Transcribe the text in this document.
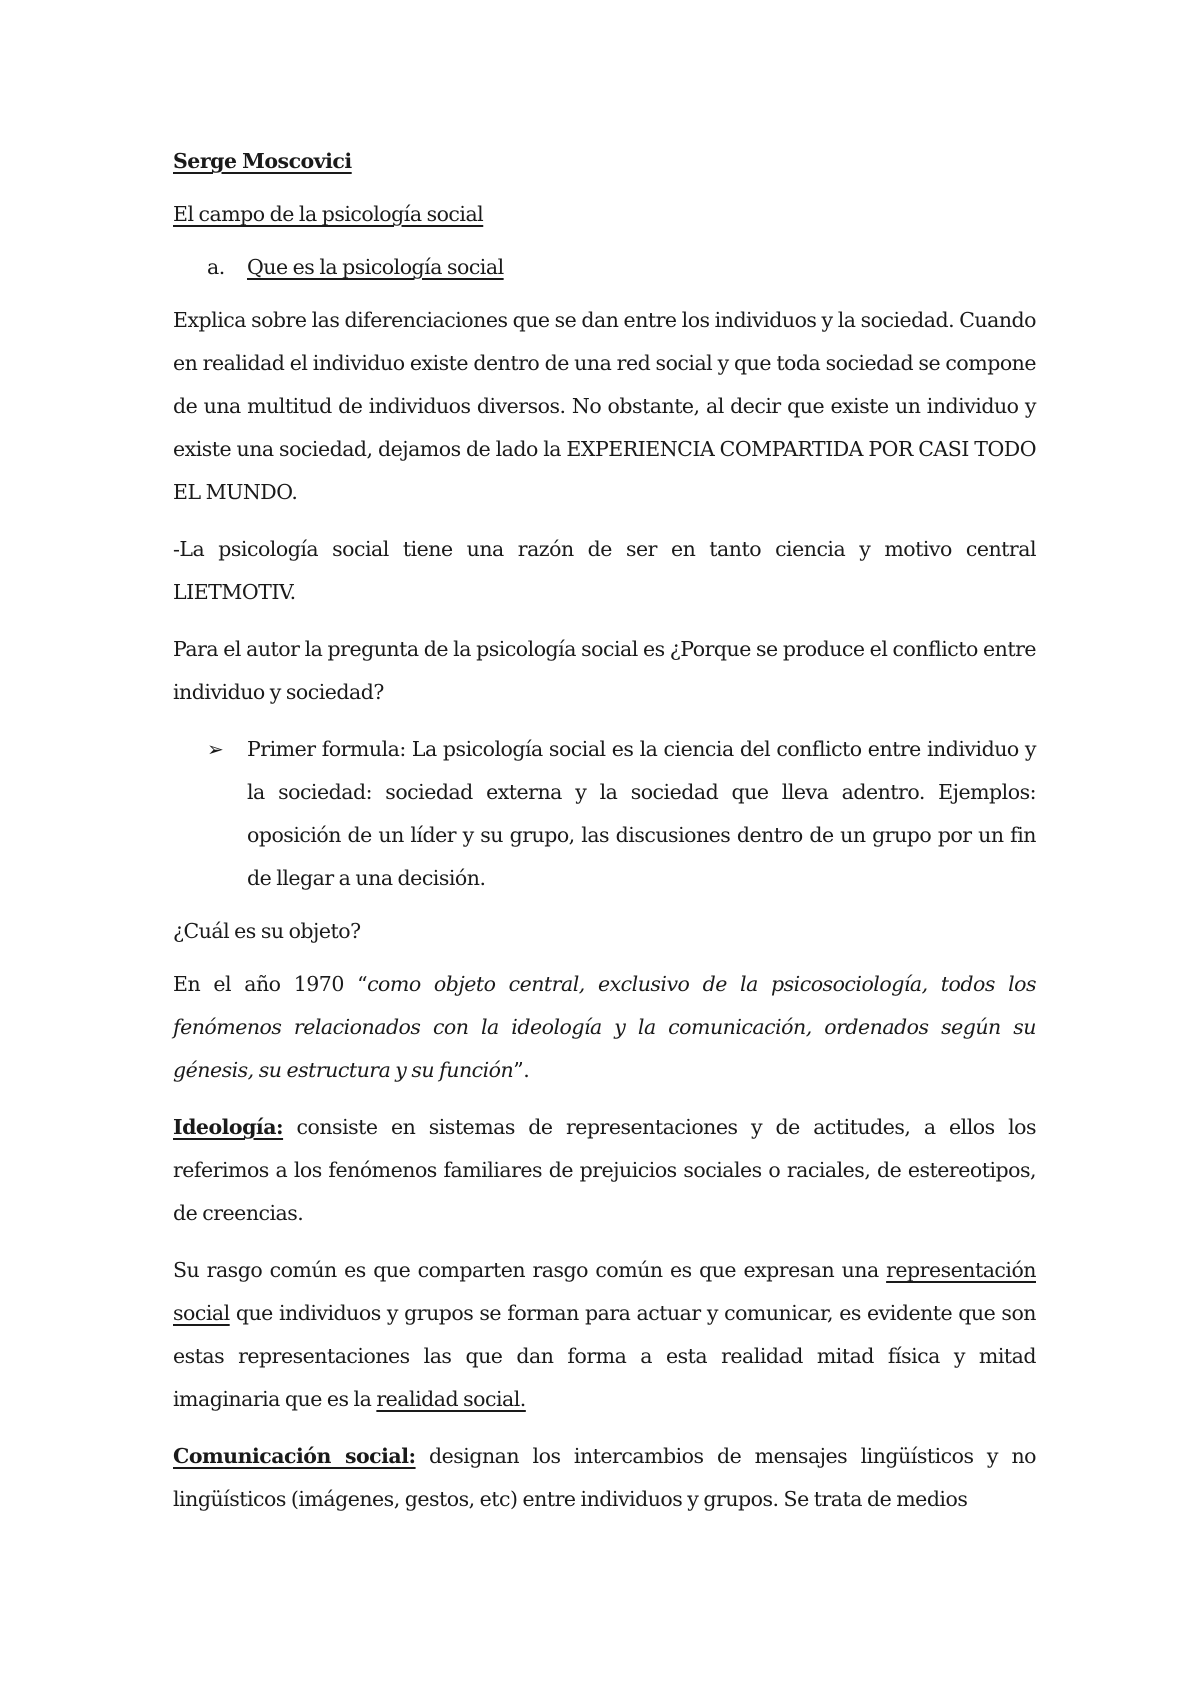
Serge Moscovici
El campo de la psicología social
a. Que es la psicología social
Explica sobre las diferenciaciones que se dan entre los individuos y la sociedad. Cuando en realidad el individuo existe dentro de una red social y que toda sociedad se compone de una multitud de individuos diversos. No obstante, al decir que existe un individuo y existe una sociedad, dejamos de lado la EXPERIENCIA COMPARTIDA POR CASI TODO EL MUNDO.
-La psicología social tiene una razón de ser en tanto ciencia y motivo central LIETMOTIV.
Para el autor la pregunta de la psicología social es ¿Porque se produce el conflicto entre individuo y sociedad?
➢ Primer formula: La psicología social es la ciencia del conflicto entre individuo y la sociedad: sociedad externa y la sociedad que lleva adentro. Ejemplos: oposición de un líder y su grupo, las discusiones dentro de un grupo por un fin de llegar a una decisión.
¿Cuál es su objeto?
En el año 1970 “como objeto central, exclusivo de la psicosociología, todos los fenómenos relacionados con la ideología y la comunicación, ordenados según su génesis, su estructura y su función”.
Ideología: consiste en sistemas de representaciones y de actitudes, a ellos los referimos a los fenómenos familiares de prejuicios sociales o raciales, de estereotipos, de creencias.
Su rasgo común es que comparten rasgo común es que expresan una representación social que individuos y grupos se forman para actuar y comunicar, es evidente que son estas representaciones las que dan forma a esta realidad mitad física y mitad imaginaria que es la realidad social.
Comunicación social: designan los intercambios de mensajes lingüísticos y no lingüísticos (imágenes, gestos, etc) entre individuos y grupos. Se trata de medios
